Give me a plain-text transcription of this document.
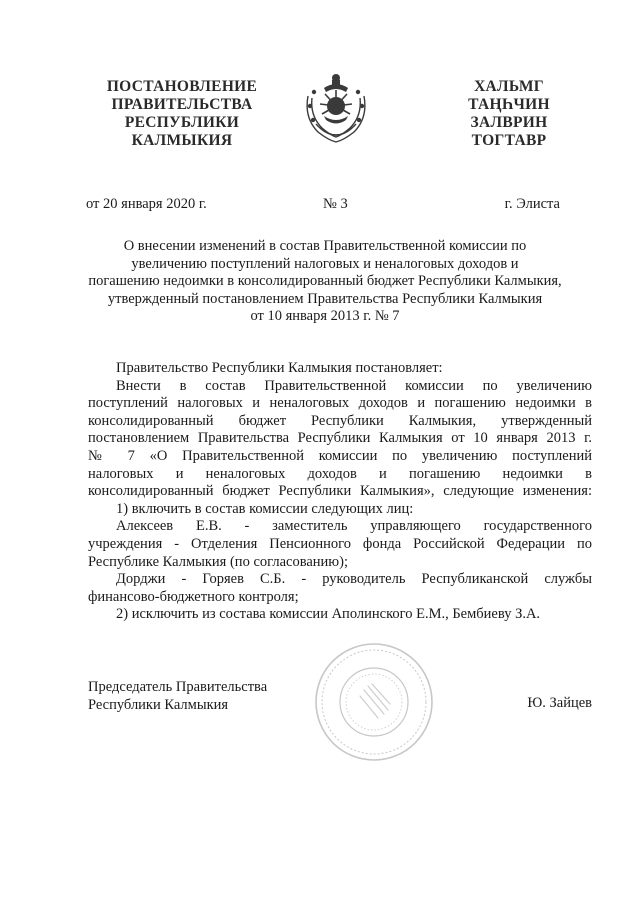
ПОСТАНОВЛЕНИЕ
ПРАВИТЕЛЬСТВА
РЕСПУБЛИКИ
КАЛМЫКИЯ
ХАЛЬМГ
ТАҢҺЧИН
ЗАЛВРИН
ТОГТАВР
от 20 января 2020 г.	№ 3	г. Элиста
О внесении изменений в состав Правительственной комиссии по
увеличению поступлений налоговых и неналоговых доходов и
погашению недоимки в консолидированный бюджет Республики Калмыкия,
утвержденный постановлением Правительства Республики Калмыкия
от 10 января 2013 г. № 7

Правительство Республики Калмыкия постановляет:

Внести в состав Правительственной комиссии по увеличению
поступлений налоговых и неналоговых доходов и погашению недоимки в
консолидированный бюджет Республики Калмыкия, утвержденный
постановлением Правительства Республики Калмыкия от 10 января 2013 г.
№ 7 «О Правительственной комиссии по увеличению поступлений
налоговых и неналоговых доходов и погашению недоимки в
консолидированный бюджет Республики Калмыкия», следующие изменения:

1) включить в состав комиссии следующих лиц:

Алексеев Е.В. - заместитель управляющего государственного
учреждения - Отделения Пенсионного фонда Российской Федерации по
Республике Калмыкия (по согласованию);
Дорджи - Горяев С.Б. - руководитель Республиканской службы
финансово-бюджетного контроля;

2) исключить из состава комиссии Аполинского Е.М., Бембиеву З.А.

Председатель Правительства
Республики Калмыкия	Ю. Зайцев
